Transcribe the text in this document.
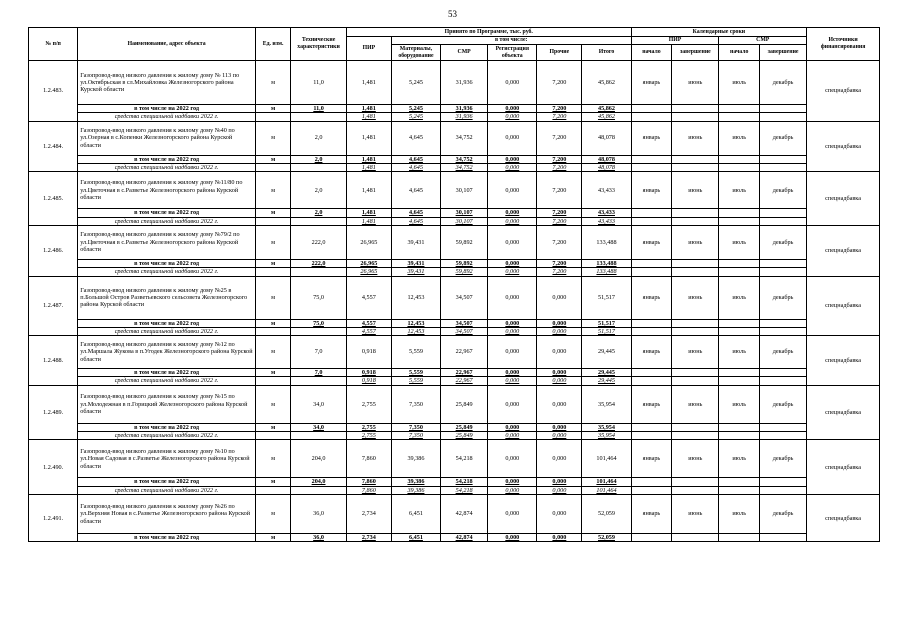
53
№ п/п	Наименование, адрес объекта	Ед. изм.	Технические характеристики	Принято по Программе, тыс. руб.						Календарные сроки				Источники финансирования
				ПИР	в том числе:					ПИР		СМР		
					Материалы, оборудование	СМР	Регистрация объекта	Прочие	Итого	начало	завершение	начало	завершение	
1.2.483.	Газопровод-ввод низкого давления к жилому дому № 113 по ул.Октябрьская в сл.Михайловка Железногорского района Курской области	м	11,0	1,481	5,245	31,936	0,000	7,200	45,862	январь	июнь	июль	декабрь	спецнадбавка
	в том числе на 2022 год	м	11,0	1,481	5,245	31,936	0,000	7,200	45,862					
	средства специальной надбавки 2022 г.			1,481	5,245	31,936	0,000	7,200	45,862					
1.2.484.	Газопровод-ввод низкого давления к жилому дому №40 по ул.Озерная в с.Копенки Железногорского района Курской области	м	2,0	1,481	4,645	34,752	0,000	7,200	48,078	январь	июнь	июль	декабрь	спецнадбавка
	в том числе на 2022 год	м	2,0	1,481	4,645	34,752	0,000	7,200	48,078					
	средства специальной надбавки 2022 г.			1,481	4,645	34,752	0,000	7,200	48,078					
1.2.485.	Газопровод-ввод низкого давления к жилому дому №11/80 по ул.Цветочная в с.Разветье Железногорского района Курской области	м	2,0	1,481	4,645	30,107	0,000	7,200	43,433	январь	июнь	июль	декабрь	спецнадбавка
	в том числе на 2022 год	м	2,0	1,481	4,645	30,107	0,000	7,200	43,433					
	средства специальной надбавки 2022 г.			1,481	4,645	30,107	0,000	7,200	43,433					
1.2.486.	Газопровод-ввод низкого давления к жилому дому №79/2 по ул.Цветочная в с.Разветье Железногорского района Курской области	м	222,0	26,965	39,431	59,892	0,000	7,200	133,488	январь	июнь	июль	декабрь	спецнадбавка
	в том числе на 2022 год	м	222,0	26,965	39,431	59,892	0,000	7,200	133,488					
	средства специальной надбавки 2022 г.			26,965	39,431	59,892	0,000	7,200	133,488					
1.2.487.	Газопровод-ввод низкого давления к жилому дому №25 в п.Большой Остров Разветьевского сельсовета Железногорского района Курской области	м	75,0	4,557	12,453	34,507	0,000	0,000	51,517	январь	июнь	июль	декабрь	спецнадбавка
	в том числе на 2022 год	м	75,0	4,557	12,453	34,507	0,000	0,000	51,517					
	средства специальной надбавки 2022 г.			4,557	12,453	34,507	0,000	0,000	51,517					
1.2.488.	Газопровод-ввод низкого давления к жилому дому №12 по ул.Маршала Жукова в п.Угодек Железногорского района Курской области	м	7,0	0,918	5,559	22,967	0,000	0,000	29,445	январь	июнь	июль	декабрь	спецнадбавка
	в том числе на 2022 год	м	7,0	0,918	5,559	22,967	0,000	0,000	29,445					
	средства специальной надбавки 2022 г.			0,918	5,559	22,967	0,000	0,000	29,445					
1.2.489.	Газопровод-ввод низкого давления к жилому дому №15 по ул.Молодежная в п.Горицкий Железногорского района Курской области	м	34,0	2,755	7,350	25,849	0,000	0,000	35,954	январь	июнь	июль	декабрь	спецнадбавка
	в том числе на 2022 год	м	34,0	2,755	7,350	25,849	0,000	0,000	35,954					
	средства специальной надбавки 2022 г.			2,755	7,350	25,849	0,000	0,000	35,954					
1.2.490.	Газопровод-ввод низкого давления к жилому дому №10 по ул.Новая Садовая в с.Разветье Железногорского района Курской области	м	204,0	7,860	39,386	54,218	0,000	0,000	101,464	январь	июнь	июль	декабрь	спецнадбавка
	в том числе на 2022 год	м	204,0	7,860	39,386	54,218	0,000	0,000	101,464					
	средства специальной надбавки 2022 г.			7,860	39,386	54,218	0,000	0,000	101,464					
1.2.491.	Газопровод-ввод низкого давления к жилому дому №26 по ул.Верхняя Новая в с.Разветье Железногорского района Курской области	м	36,0	2,734	6,451	42,874	0,000	0,000	52,059	январь	июнь	июль	декабрь	спецнадбавка
	в том числе на 2022 год	м	36,0	2,734	6,451	42,874	0,000	0,000	52,059					
